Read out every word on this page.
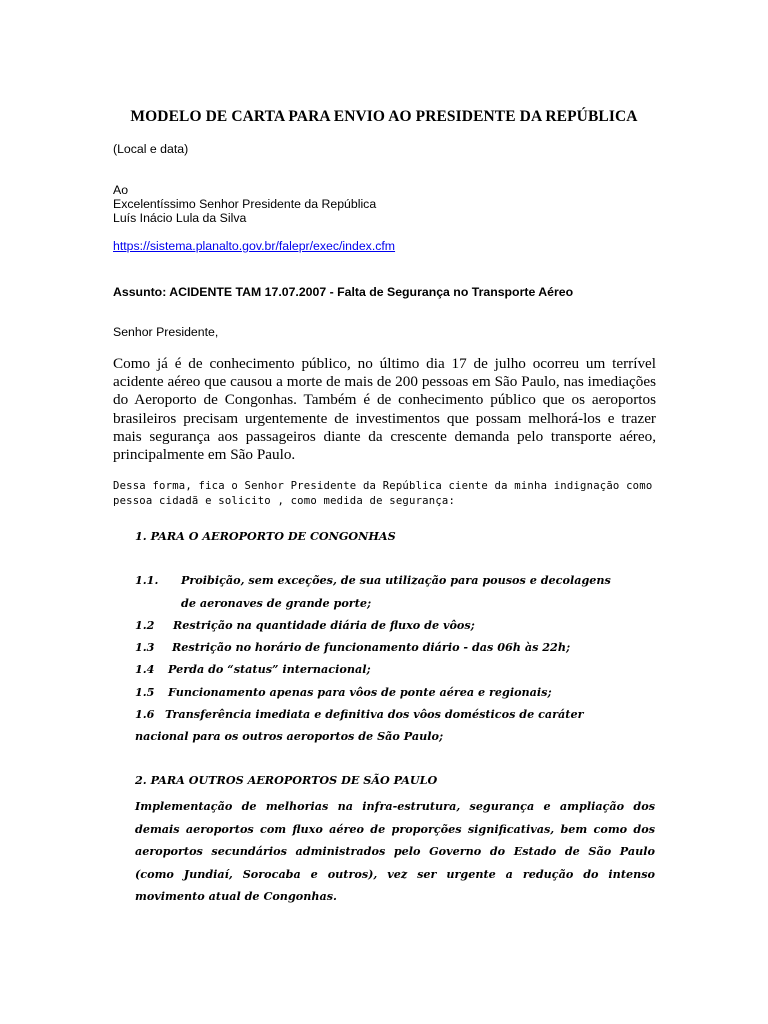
MODELO DE CARTA PARA ENVIO AO PRESIDENTE DA REPÚBLICA
(Local e data)
Ao
Excelentíssimo Senhor Presidente da República
Luís Inácio Lula da Silva
https://sistema.planalto.gov.br/falepr/exec/index.cfm
Assunto: ACIDENTE TAM 17.07.2007 - Falta de Segurança no Transporte Aéreo
Senhor Presidente,
Como já é de conhecimento público, no último dia 17 de julho ocorreu um terrível acidente aéreo que causou a morte de mais de 200 pessoas em São Paulo, nas imediações do Aeroporto de Congonhas. Também é de conhecimento público que os aeroportos brasileiros precisam urgentemente de investimentos que possam melhorá-los e trazer mais segurança aos passageiros diante da crescente demanda pelo transporte aéreo, principalmente em São Paulo.
Dessa forma, fica o Senhor Presidente da República ciente da minha indignação como
pessoa cidadã e solicito , como medida de segurança:
1. PARA O AEROPORTO DE CONGONHAS
1.1. Proibição, sem exceções, de sua utilização para pousos e decolagens
de aeronaves de grande porte;
1.2 Restrição na quantidade diária de fluxo de vôos;
1.3 Restrição no horário de funcionamento diário - das 06h às 22h;
1.4 Perda do “status” internacional;
1.5 Funcionamento apenas para vôos de ponte aérea e regionais;
1.6 Transferência imediata e definitiva dos vôos domésticos de caráter
nacional para os outros aeroportos de São Paulo;
2. PARA OUTROS AEROPORTOS DE SÃO PAULO
Implementação de melhorias na infra-estrutura, segurança e ampliação dos demais aeroportos com fluxo aéreo de proporções significativas, bem como dos aeroportos secundários administrados pelo Governo do Estado de São Paulo (como Jundiaí, Sorocaba e outros), vez ser urgente a redução do intenso movimento atual de Congonhas.
